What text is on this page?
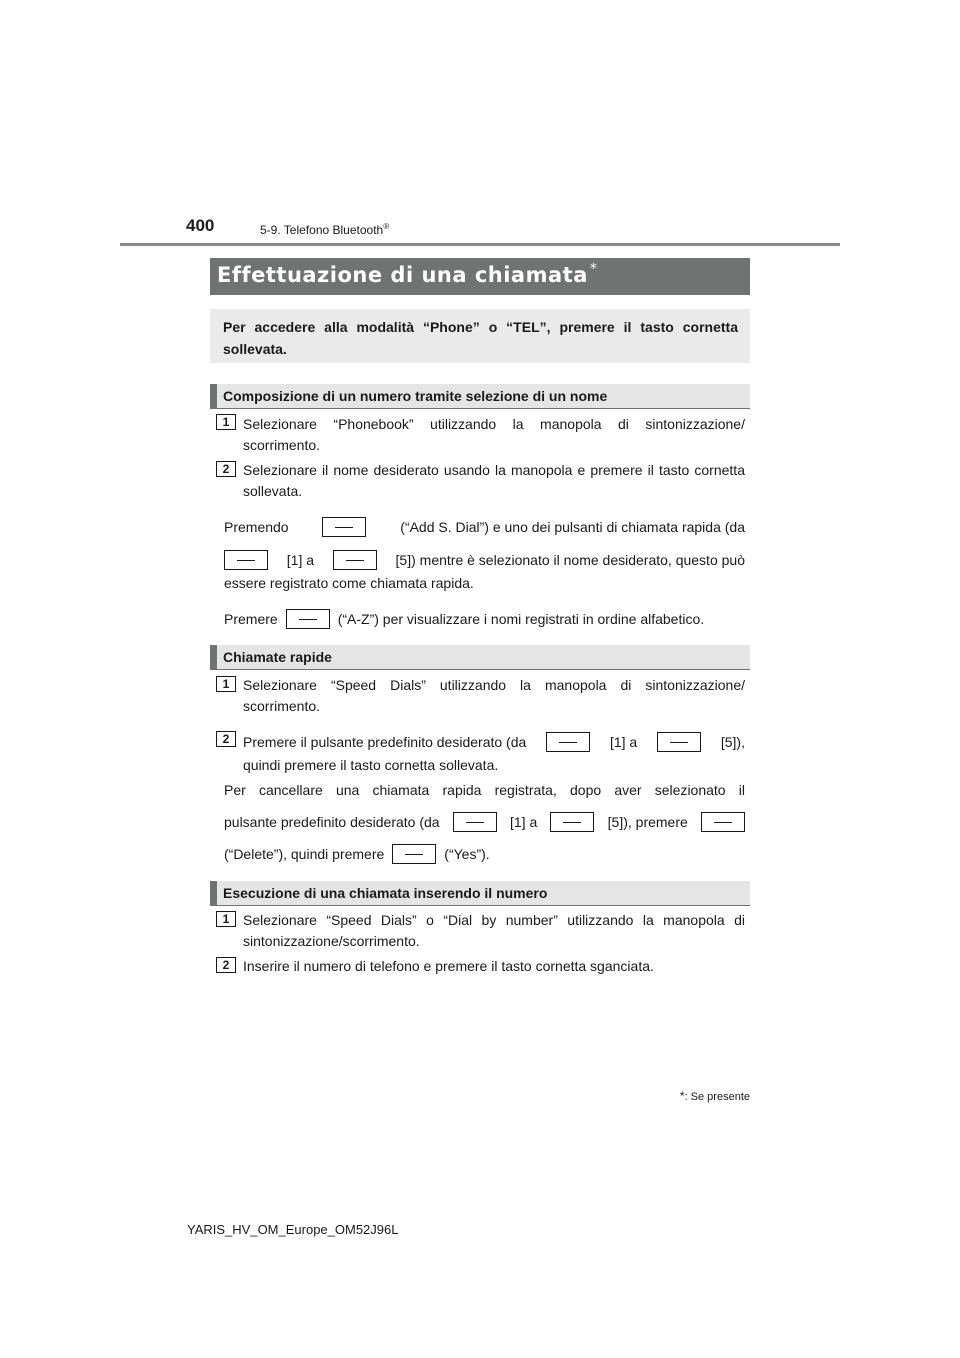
400	5-9. Telefono Bluetooth®
Effettuazione di una chiamata *
Per accedere alla modalità “Phone” o “TEL”, premere il tasto cornetta sollevata.
Composizione di un numero tramite selezione di un nome
1 Selezionare “Phonebook” utilizzando la manopola di sintonizzazione/ scorrimento.
2 Selezionare il nome desiderato usando la manopola e premere il tasto cornetta sollevata.
Premendo	(“Add S. Dial”) e uno dei pulsanti di chiamata rapida (da
[1] a	[5]) mentre è selezionato il nome desiderato, questo può
essere registrato come chiamata rapida.
Premere	(“A-Z”) per visualizzare i nomi registrati in ordine alfabetico.
Chiamate rapide
1 Selezionare “Speed Dials” utilizzando la manopola di sintonizzazione/ scorrimento.
2 Premere il pulsante predefinito desiderato (da	[1] a	[5]),
quindi premere il tasto cornetta sollevata.
Per cancellare una chiamata rapida registrata, dopo aver selezionato il
pulsante predefinito desiderato (da	[1] a	[5]), premere
(“Delete”), quindi premere	(“Yes”).
Esecuzione di una chiamata inserendo il numero
1 Selezionare “Speed Dials” o “Dial by number” utilizzando la manopola di sintonizzazione/scorrimento.
2 Inserire il numero di telefono e premere il tasto cornetta sganciata.
*: Se presente
YARIS_HV_OM_Europe_OM52J96L
